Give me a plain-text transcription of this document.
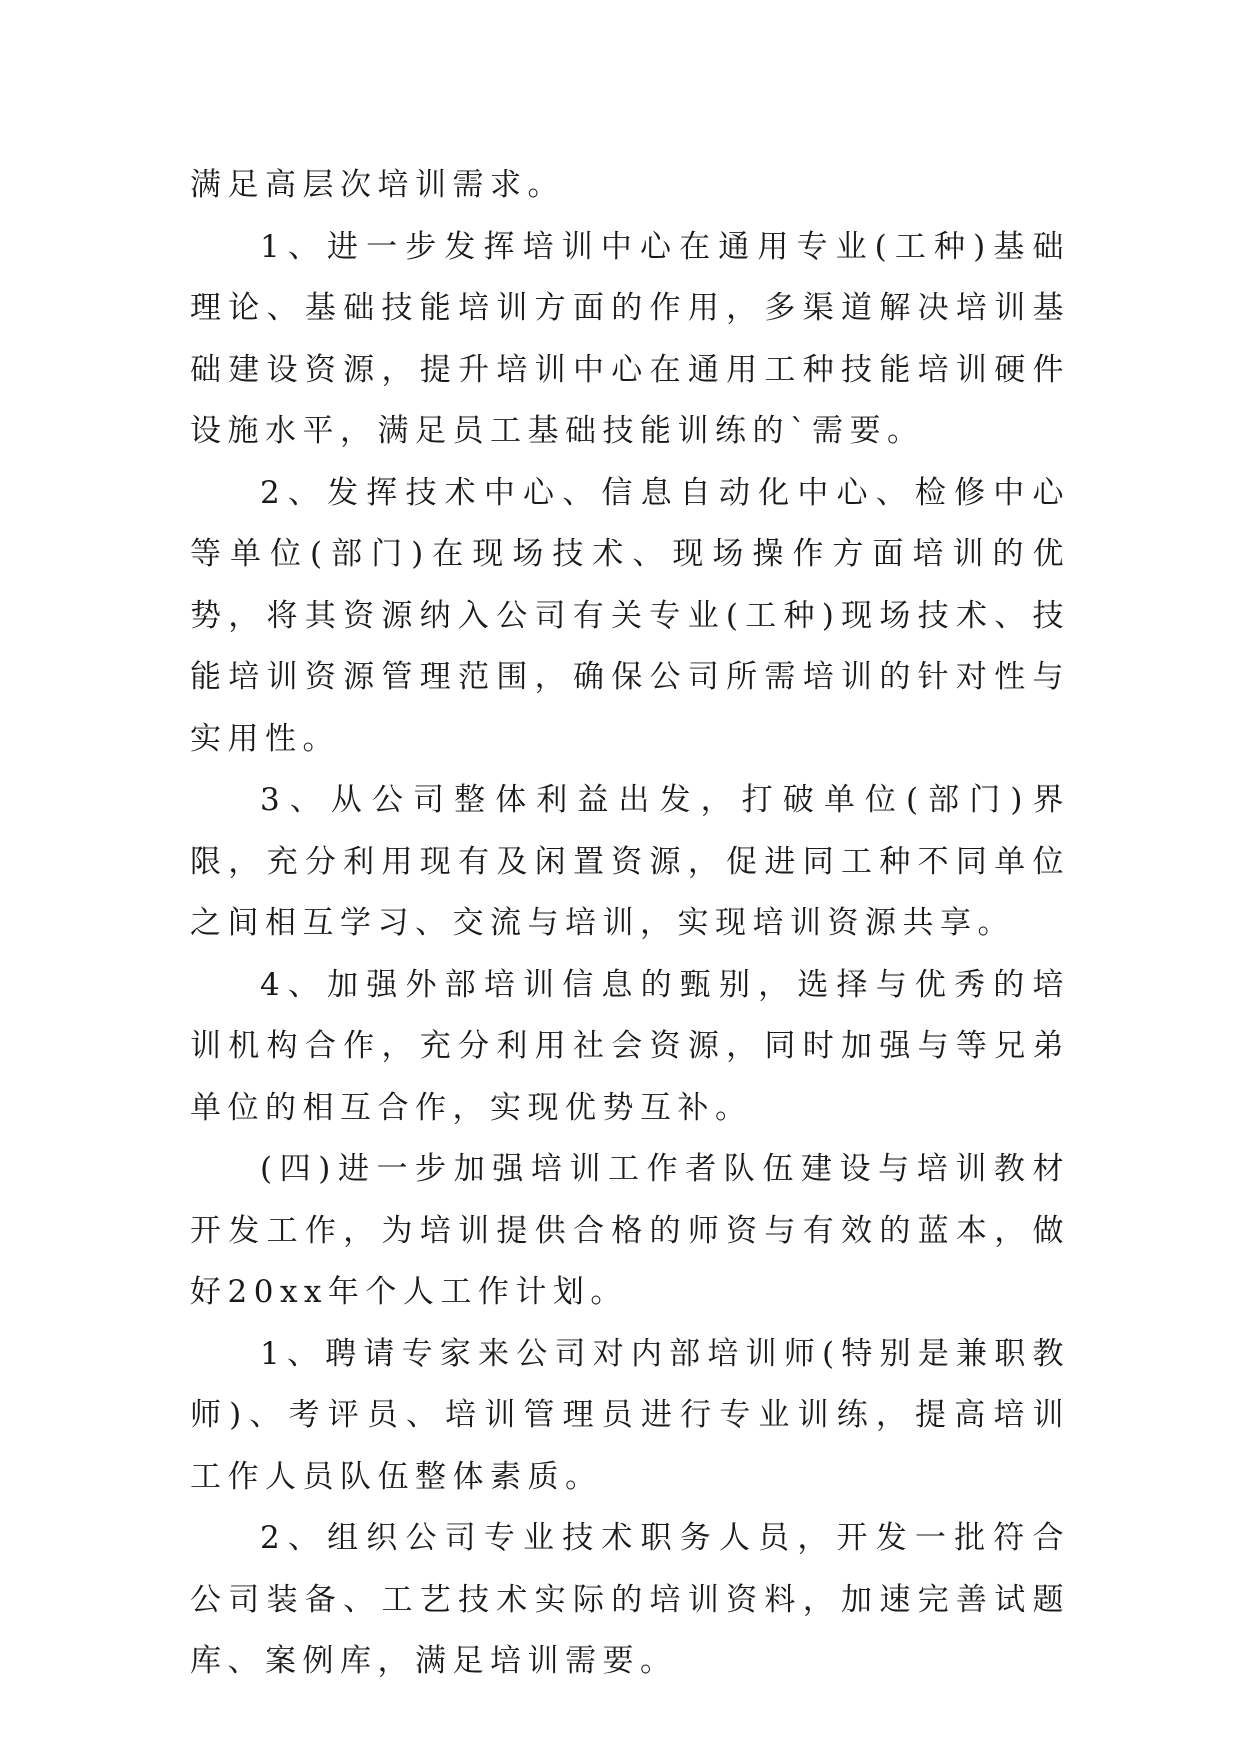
满足高层次培训需求。

1、进一步发挥培训中心在通用专业(工种)基础理论、基础技能培训方面的作用，多渠道解决培训基础建设资源，提升培训中心在通用工种技能培训硬件设施水平，满足员工基础技能训练的`需要。

2、发挥技术中心、信息自动化中心、检修中心等单位(部门)在现场技术、现场操作方面培训的优势，将其资源纳入公司有关专业(工种)现场技术、技能培训资源管理范围，确保公司所需培训的针对性与实用性。

3、从公司整体利益出发，打破单位(部门)界限，充分利用现有及闲置资源，促进同工种不同单位之间相互学习、交流与培训，实现培训资源共享。

4、加强外部培训信息的甄别，选择与优秀的培训机构合作，充分利用社会资源，同时加强与等兄弟单位的相互合作，实现优势互补。

(四)进一步加强培训工作者队伍建设与培训教材开发工作，为培训提供合格的师资与有效的蓝本，做好20xx年个人工作计划。

1、聘请专家来公司对内部培训师(特别是兼职教师)、考评员、培训管理员进行专业训练，提高培训工作人员队伍整体素质。

2、组织公司专业技术职务人员，开发一批符合公司装备、工艺技术实际的培训资料，加速完善试题库、案例库，满足培训需要。
